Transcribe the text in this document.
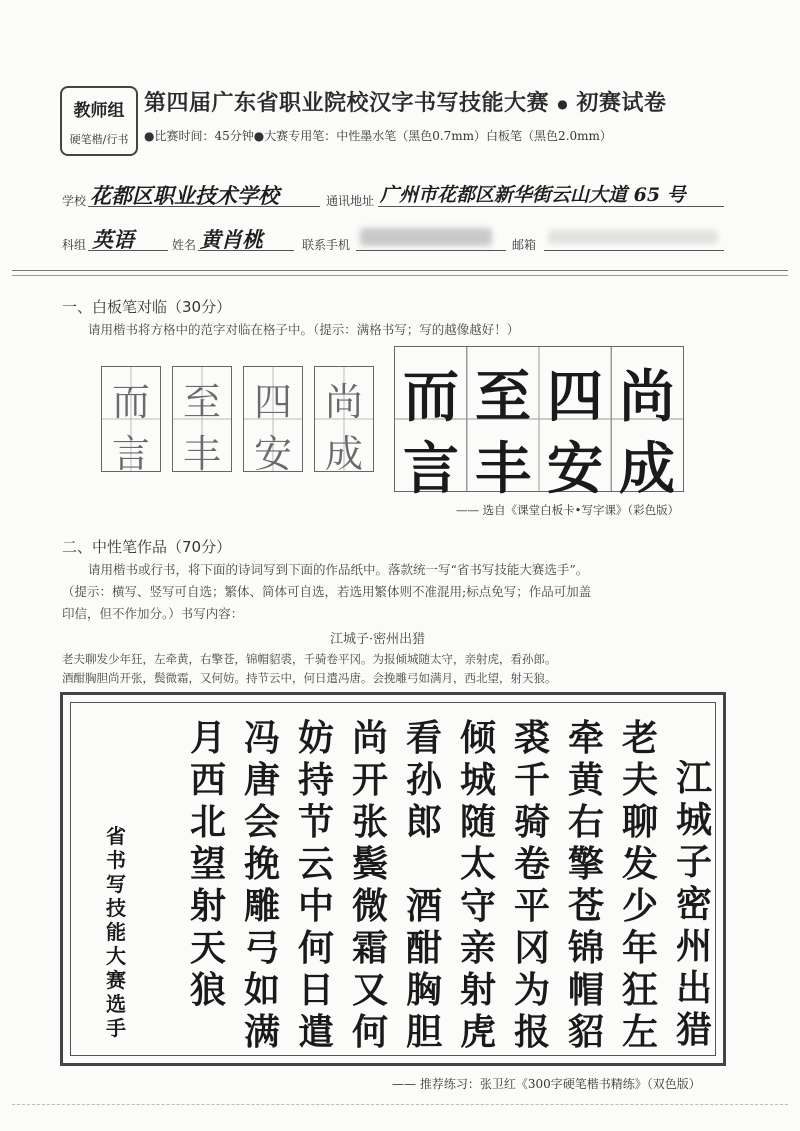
教师组
硬笔楷/行书
第四届广东省职业院校汉字书写技能大赛 ● 初赛试卷
●比赛时间：45分钟●大赛专用笔：中性墨水笔（黑色0.7mm）白板笔（黑色2.0mm）
学校 花都区职业技术学校	通讯地址 广州市花都区新华街云山大道 65 号
科组 英语	姓名 黄肖桃	联系手机	邮箱
一、白板笔对临（30分）
请用楷书将方格中的范字对临在格子中。（提示：满格书写；写的越像越好！）
而
言
至
丰
四
安
尚
成
而 至 四 尚
言 丰 安 成
—— 选自《课堂白板卡•写字课》（彩色版）
二、中性笔作品（70分）
请用楷书或行书，将下面的诗词写到下面的作品纸中。落款统一写“省书写技能大赛选手”。
（提示：横写、竖写可自选；繁体、简体可自选，若选用繁体则不准混用;标点免写；作品可加盖
印信，但不作加分。）书写内容：
江城子·密州出猎
老夫聊发少年狂，左牵黄，右擎苍，锦帽貂裘，千骑卷平冈。为报倾城随太守，亲射虎，看孙郎。
酒酣胸胆尚开张，鬓微霜，又何妨。持节云中，何日遣冯唐。会挽雕弓如满月，西北望，射天狼。
江
城
子
密
州
出
猎
老
夫
聊
发
少
年
狂
左
牵
黄
右
擎
苍
锦
帽
貂
裘
千
骑
卷
平
冈
为
报
倾
城
随
太
守
亲
射
虎
看
孙
郎
酒
酣
胸
胆
尚
开
张
鬓
微
霜
又
何
妨
持
节
云
中
何
日
遣
冯
唐
会
挽
雕
弓
如
满
月
西
北
望
射
天
狼
省
书
写
技
能
大
赛
选
手
—— 推荐练习：张卫红《300字硬笔楷书精练》（双色版）
